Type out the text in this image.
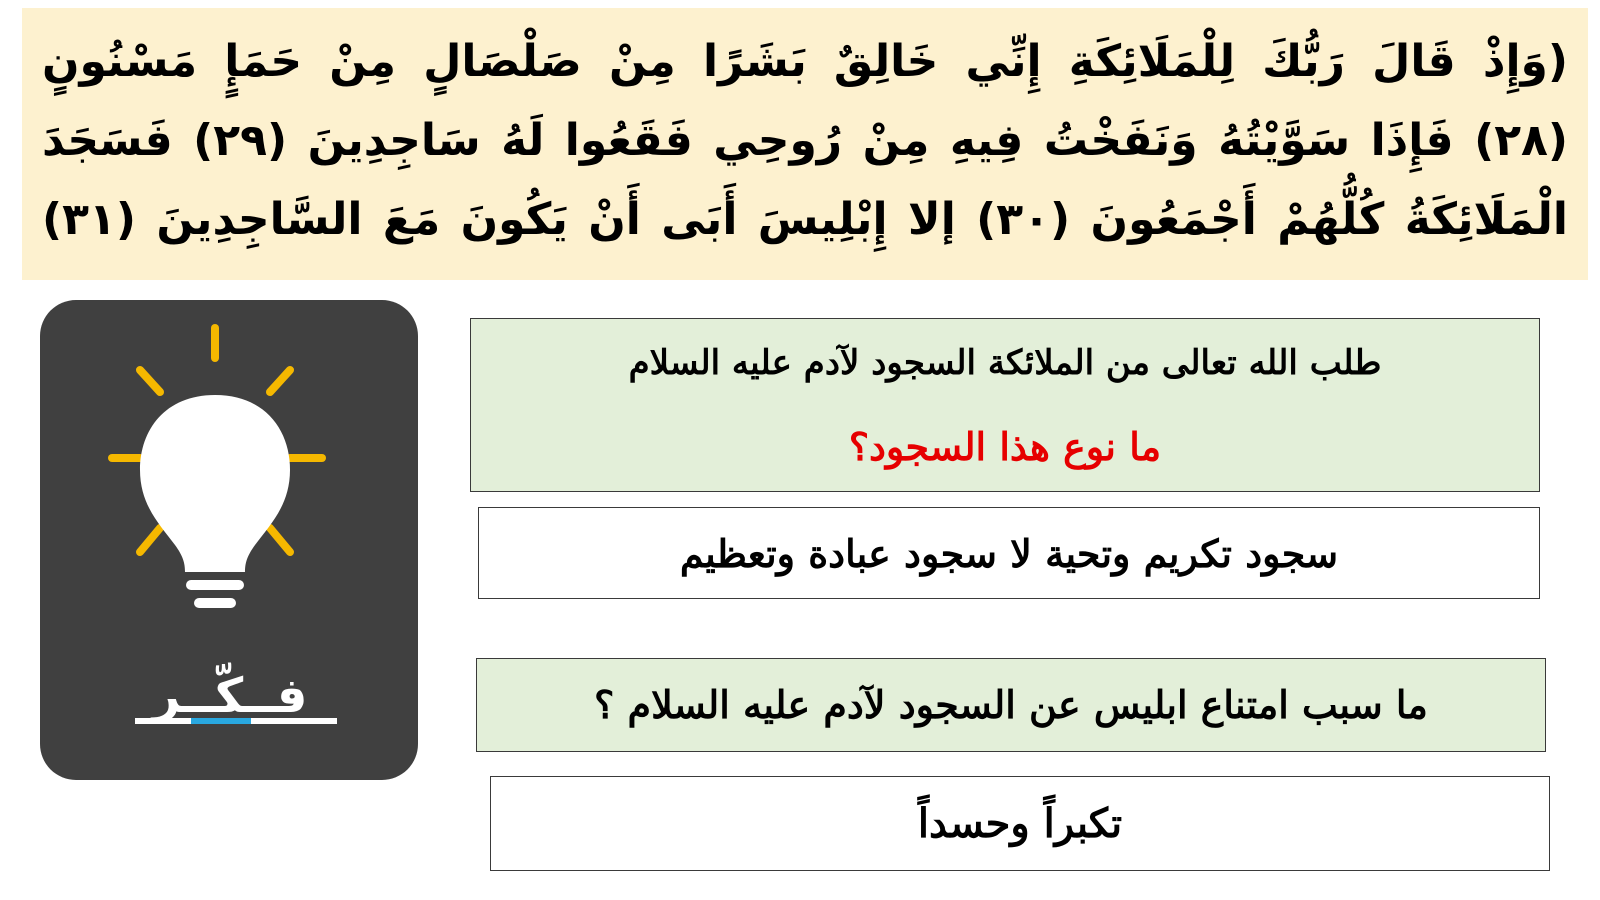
(وَإِذْ قَالَ رَبُّكَ لِلْمَلَائِكَةِ إِنِّي خَالِقٌ بَشَرًا مِنْ صَلْصَالٍ مِنْ حَمَإٍ مَسْنُونٍ
(٢٨) فَإِذَا سَوَّيْتُهُ وَنَفَخْتُ فِيهِ مِنْ رُوحِي فَقَعُوا لَهُ سَاجِدِينَ (٢٩) فَسَجَدَ
الْمَلَائِكَةُ كُلُّهُمْ أَجْمَعُونَ (٣٠) إلا إِبْلِيسَ أَبَى أَنْ يَكُونَ مَعَ السَّاجِدِينَ (٣١)
فــكّــر
طلب الله تعالى من الملائكة السجود لآدم عليه السلام
ما نوع هذا السجود؟
سجود تكريم وتحية لا سجود عبادة وتعظيم
ما سبب امتناع ابليس عن السجود لآدم عليه السلام ؟
تكبراً وحسداً
